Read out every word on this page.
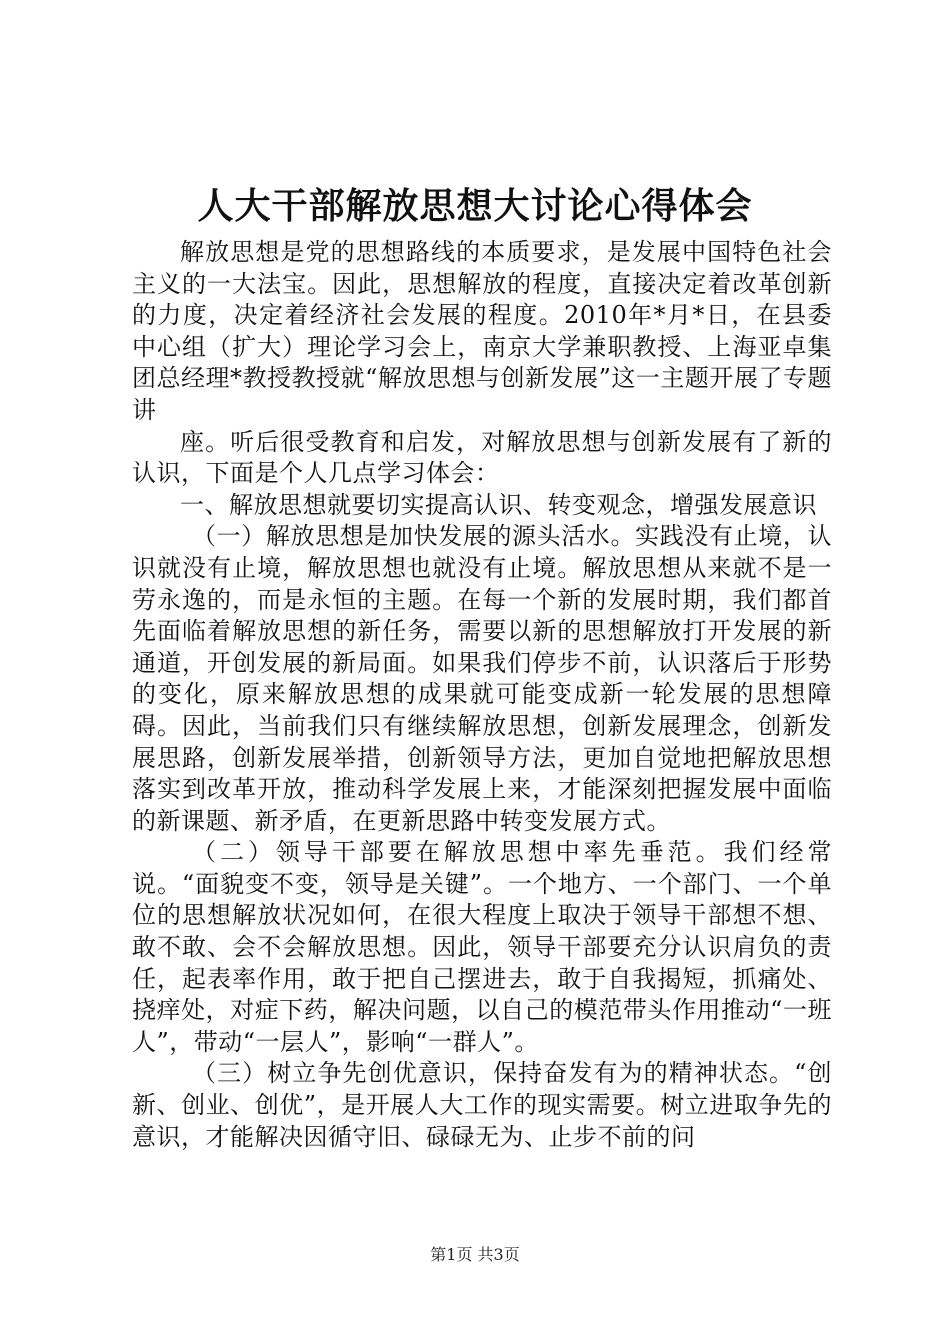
人大干部解放思想大讨论心得体会

解放思想是党的思想路线的本质要求，是发展中国特色社会主义的一大法宝。因此，思想解放的程度，直接决定着改革创新的力度，决定着经济社会发展的程度。2010年*月*日，在县委中心组（扩大）理论学习会上，南京大学兼职教授、上海亚卓集团总经理*教授教授就“解放思想与创新发展”这一主题开展了专题讲

座。听后很受教育和启发，对解放思想与创新发展有了新的认识，下面是个人几点学习体会：

一、解放思想就要切实提高认识、转变观念，增强发展意识

（一）解放思想是加快发展的源头活水。实践没有止境，认识就没有止境，解放思想也就没有止境。解放思想从来就不是一劳永逸的，而是永恒的主题。在每一个新的发展时期，我们都首先面临着解放思想的新任务，需要以新的思想解放打开发展的新通道，开创发展的新局面。如果我们停步不前，认识落后于形势的变化，原来解放思想的成果就可能变成新一轮发展的思想障碍。因此，当前我们只有继续解放思想，创新发展理念，创新发展思路，创新发展举措，创新领导方法，更加自觉地把解放思想落实到改革开放，推动科学发展上来，才能深刻把握发展中面临的新课题、新矛盾，在更新思路中转变发展方式。

（二）领导干部要在解放思想中率先垂范。我们经常说。“面貌变不变，领导是关键”。一个地方、一个部门、一个单位的思想解放状况如何，在很大程度上取决于领导干部想不想、敢不敢、会不会解放思想。因此，领导干部要充分认识肩负的责任，起表率作用，敢于把自己摆进去，敢于自我揭短，抓痛处、挠痒处，对症下药，解决问题，以自己的模范带头作用推动“一班人”，带动“一层人”，影响“一群人”。

（三）树立争先创优意识，保持奋发有为的精神状态。“创新、创业、创优”，是开展人大工作的现实需要。树立进取争先的意识，才能解决因循守旧、碌碌无为、止步不前的问

第1页 共3页
